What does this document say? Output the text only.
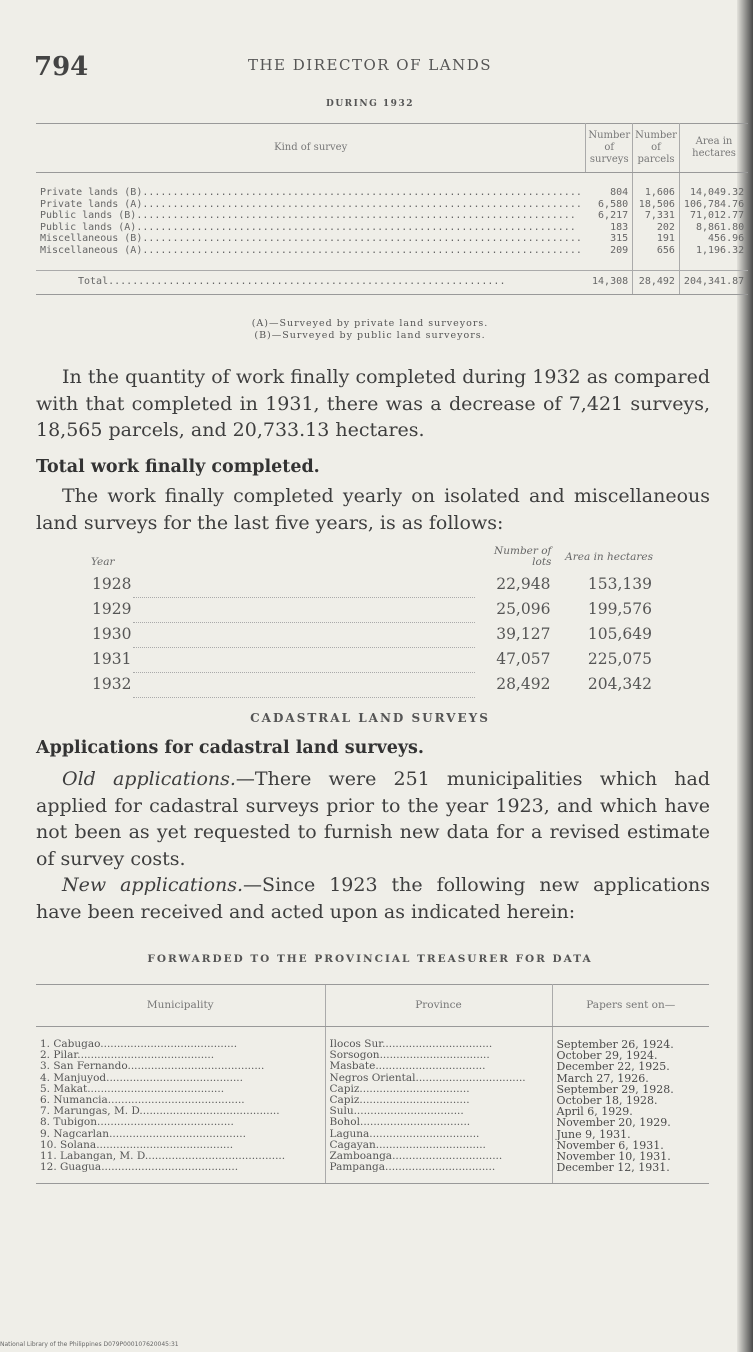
794	THE DIRECTOR OF LANDS
DURING 1932
Kind of survey	Number of surveys	Number of parcels	Area in hectares

Private lands (B).........................................................................	804	1,606	14,049.32
Private lands (A).........................................................................	6,580	18,506	106,784.76
Public lands (B).........................................................................	6,217	7,331	71,012.77
Public lands (A).........................................................................	183	202	8,861.80
Miscellaneous (B).........................................................................	315	191	456.96
Miscellaneous (A).........................................................................	209	656	1,196.32

Total..................................................................	14,308	28,492	204,341.87
(A)—Surveyed by private land surveyors.
(B)—Surveyed by public land surveyors.
In the quantity of work finally completed during 1932 as compared with that completed in 1931, there was a decrease of 7,421 surveys, 18,565 parcels, and 20,733.13 hectares.
Total work finally completed.
The work finally completed yearly on isolated and miscellaneous land surveys for the last five years, is as follows:
Year		Number of lots	Area in hectares
1928		22,948	153,139
1929		25,096	199,576
1930		39,127	105,649
1931		47,057	225,075
1932		28,492	204,342
CADASTRAL LAND SURVEYS
Applications for cadastral land surveys.
Old applications.—There were 251 municipalities which had applied for cadastral surveys prior to the year 1923, and which have not been as yet requested to furnish new data for a revised estimate of survey costs.
New applications.—Since 1923 the following new applications have been received and acted upon as indicated herein:
FORWARDED TO THE PROVINCIAL TREASURER FOR DATA
Municipality	Province	Papers sent on—

1. Cabugao.........................................	Ilocos Sur.................................	September 26, 1924.
2. Pilar.........................................	Sorsogon.................................	October 29, 1924.
3. San Fernando.........................................	Masbate.................................	December 22, 1925.
4. Manjuyod.........................................	Negros Oriental.................................	March 27, 1926.
5. Makat.........................................	Capiz.................................	September 29, 1928.
6. Numancia.........................................	Capiz.................................	October 18, 1928.
7. Marungas, M. D..........................................	Sulu.................................	April 6, 1929.
8. Tubigon.........................................	Bohol.................................	November 20, 1929.
9. Nagcarlan.........................................	Laguna.................................	June 9, 1931.
10. Solana.........................................	Cagayan.................................	November 6, 1931.
11. Labangan, M. D..........................................	Zamboanga.................................	November 10, 1931.
12. Guagua.........................................	Pampanga.................................	December 12, 1931.

National Library of the Philippines D079P000107620045:31
